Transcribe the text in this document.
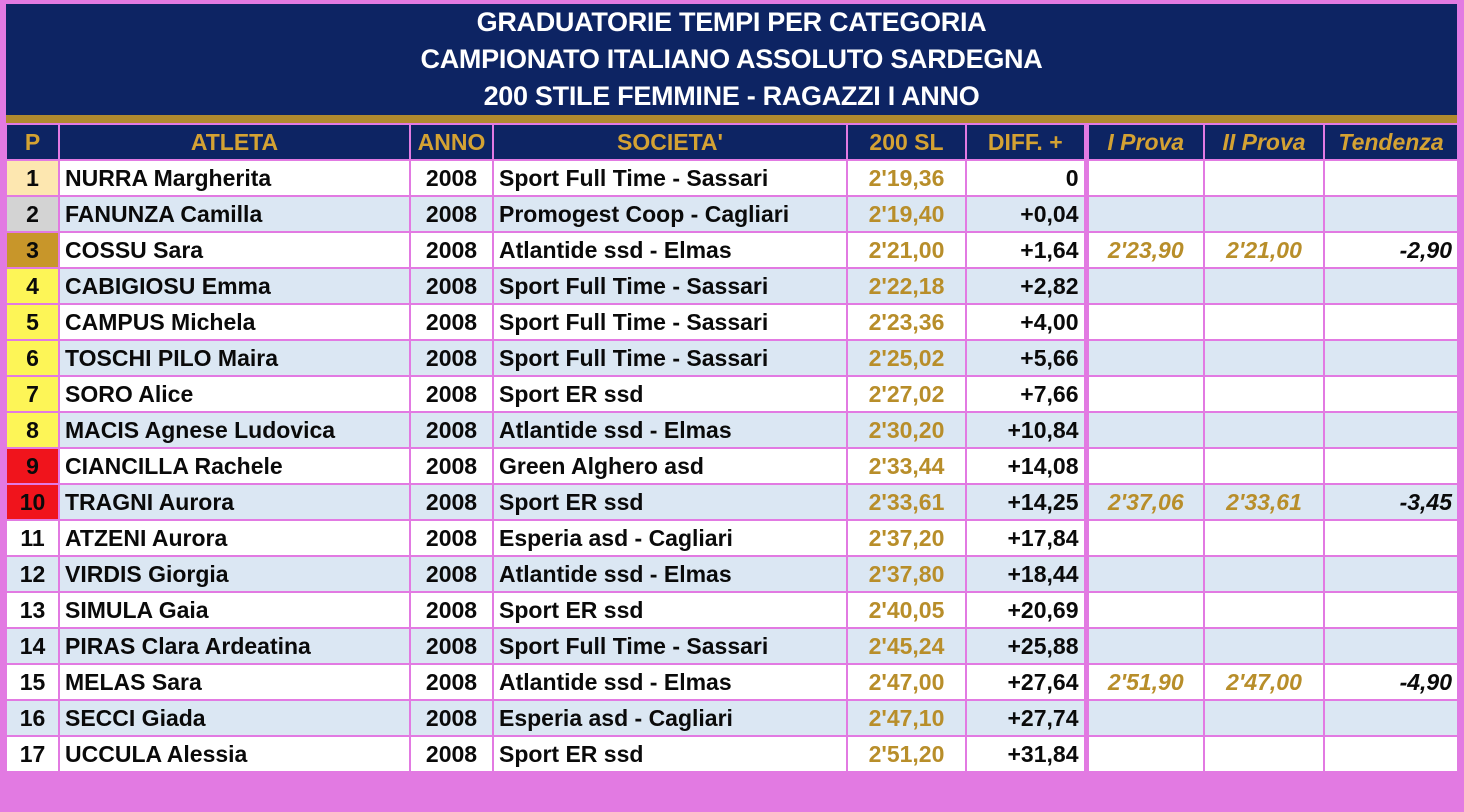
GRADUATORIE TEMPI PER CATEGORIA
CAMPIONATO ITALIANO ASSOLUTO SARDEGNA
200 STILE FEMMINE - RAGAZZI I ANNO
P	ATLETA	ANNO	SOCIETA'	200 SL	DIFF. +	I Prova	II Prova	Tendenza
1	NURRA Margherita	2008	Sport Full Time - Sassari	2'19,36	0			
2	FANUNZA Camilla	2008	Promogest Coop - Cagliari	2'19,40	+0,04			
3	COSSU Sara	2008	Atlantide ssd - Elmas	2'21,00	+1,64	2'23,90	2'21,00	-2,90
4	CABIGIOSU Emma	2008	Sport Full Time - Sassari	2'22,18	+2,82			
5	CAMPUS Michela	2008	Sport Full Time - Sassari	2'23,36	+4,00			
6	TOSCHI PILO Maira	2008	Sport Full Time - Sassari	2'25,02	+5,66			
7	SORO Alice	2008	Sport ER ssd	2'27,02	+7,66			
8	MACIS Agnese Ludovica	2008	Atlantide ssd - Elmas	2'30,20	+10,84			
9	CIANCILLA Rachele	2008	Green Alghero asd	2'33,44	+14,08			
10	TRAGNI Aurora	2008	Sport ER ssd	2'33,61	+14,25	2'37,06	2'33,61	-3,45
11	ATZENI Aurora	2008	Esperia asd - Cagliari	2'37,20	+17,84			
12	VIRDIS Giorgia	2008	Atlantide ssd - Elmas	2'37,80	+18,44			
13	SIMULA Gaia	2008	Sport ER ssd	2'40,05	+20,69			
14	PIRAS Clara Ardeatina	2008	Sport Full Time - Sassari	2'45,24	+25,88			
15	MELAS Sara	2008	Atlantide ssd - Elmas	2'47,00	+27,64	2'51,90	2'47,00	-4,90
16	SECCI Giada	2008	Esperia asd - Cagliari	2'47,10	+27,74			
17	UCCULA Alessia	2008	Sport ER ssd	2'51,20	+31,84			
